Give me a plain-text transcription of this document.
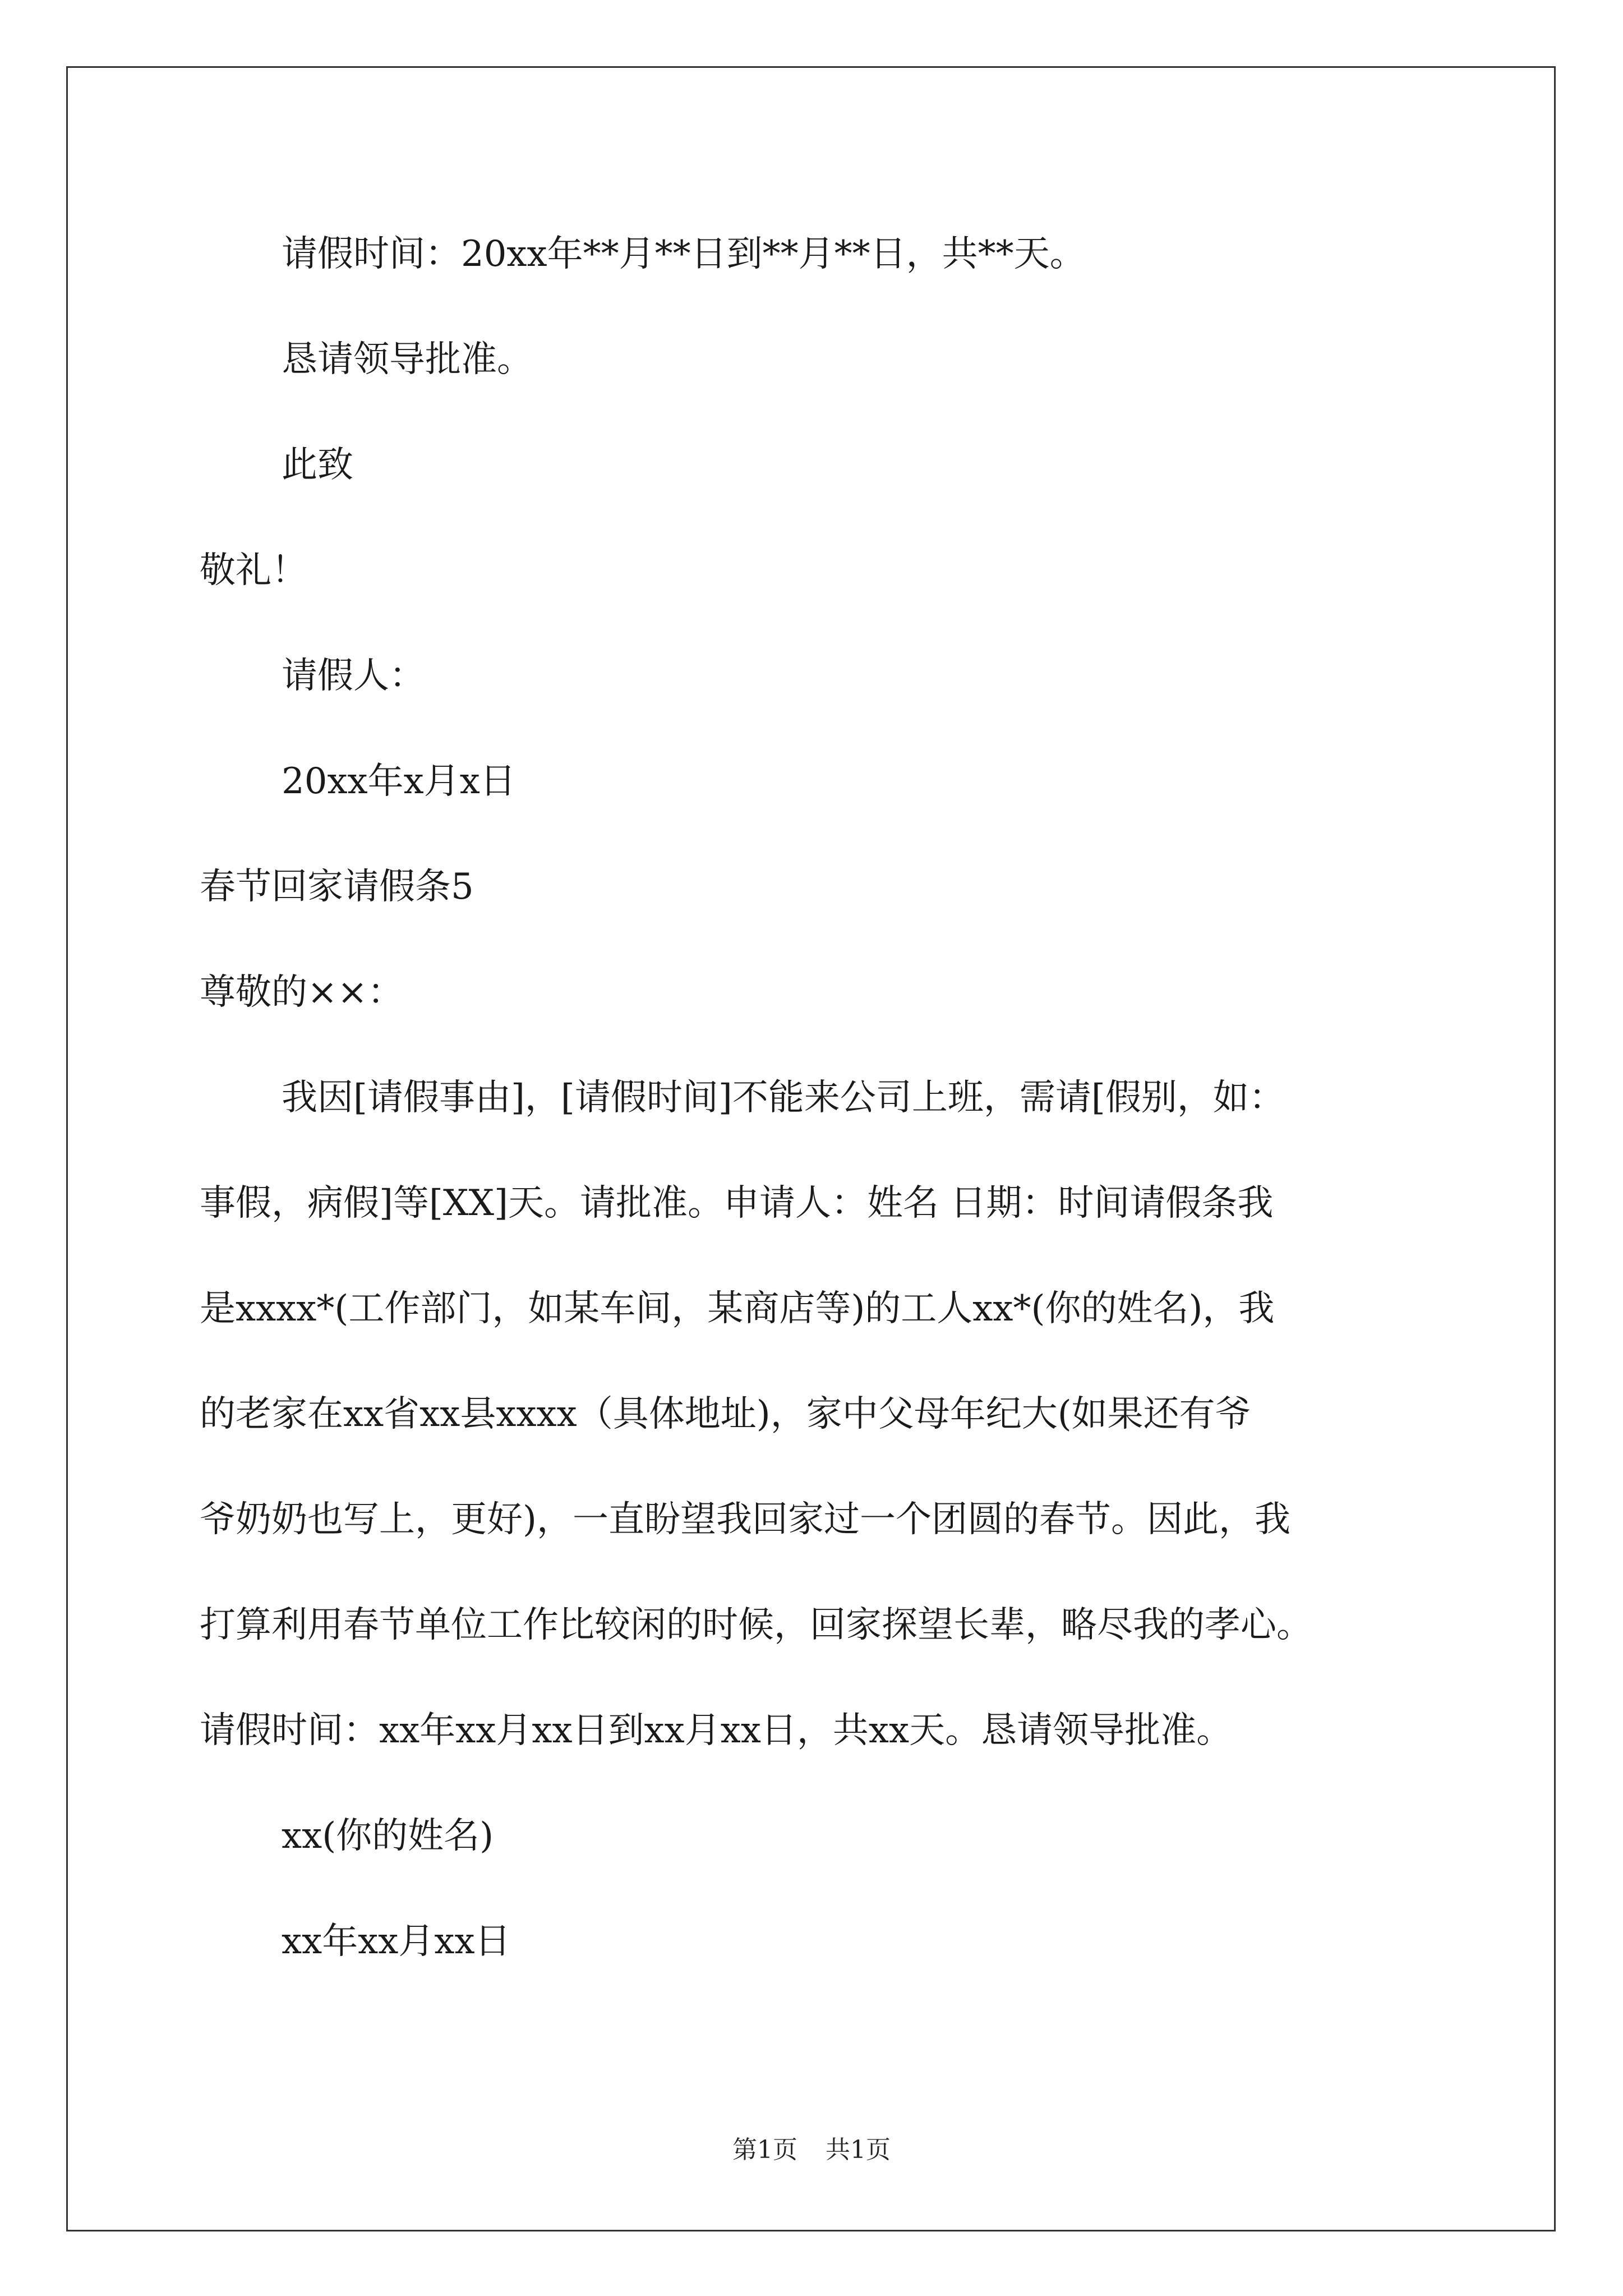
请假时间：20xx年**月**日到**月**日，共**天。
恳请领导批准。
此致
敬礼！
请假人：
20xx年x月x日
春节回家请假条5
尊敬的××：
我因[请假事由]，[请假时间]不能来公司上班，需请[假别，如：
事假，病假]等[XX]天。请批准。申请人：姓名 日期：时间请假条我
是xxxx*(工作部门，如某车间，某商店等)的工人xx*(你的姓名)，我
的老家在xx省xx县xxxx（具体地址)，家中父母年纪大(如果还有爷
爷奶奶也写上，更好)，一直盼望我回家过一个团圆的春节。因此，我
打算利用春节单位工作比较闲的时候，回家探望长辈，略尽我的孝心。
请假时间：xx年xx月xx日到xx月xx日，共xx天。恳请领导批准。
xx(你的姓名)
xx年xx月xx日
第1页 共1页
